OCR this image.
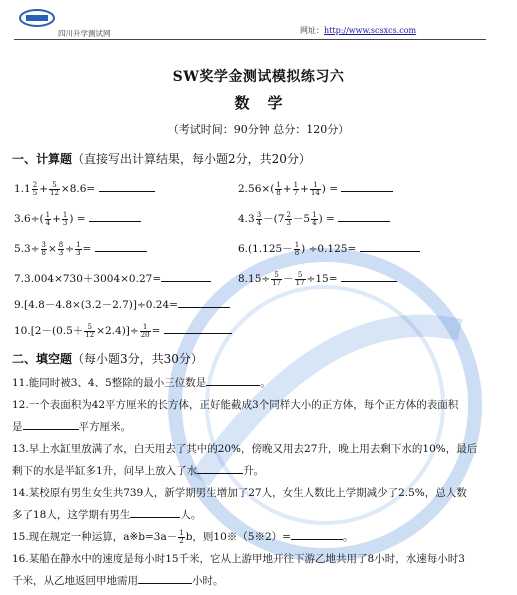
四川升学测试网	网址：http://www.scsxcs.com
SW奖学金测试模拟练习六
数学
（考试时间：90分钟 总分：120分）
一、计算题（直接写出计算结果，每小题2分，共20分）
$1.1 \frac{2}{5} + \frac{5}{12} \times 8.6=$	$2.56\times( \frac{1}{8} + \frac{1}{7} + \frac{1}{14}$ ) =
$3.6\div( \frac{1}{4} + \frac{1}{3}$ ) =	$4.3 \frac{3}{4} -(7 \frac{2}{3} -5 \frac{1}{4}$ ) =
$5.3\div \frac{3}{8} \times \frac{8}{3} \div \frac{1}{3}$ =	$6.(1.125- \frac{1}{8}$ ) ÷0.125=
7.3.004×730＋3004×0.27=	$8.15\div \frac{5}{17} - \frac{5}{17} \div 15=$
9.[4.8－4.8×(3.2－2.7)]÷0.24=
$10.[2-(0.5+ \frac{5}{12} \times 2.4)]\div \frac{1}{20}$ =
二、填空题（每小题3分，共30分）
11.能同时被3、4、5整除的最小三位数是	。
12.一个表面积为42平方厘米的长方体，正好能截成3个同样大小的正方体，每个正方体的表面积
是	平方厘米。
13.早上水缸里放满了水，白天用去了其中的20%，傍晚又用去27升，晚上用去剩下水的10%，最后
剩下的水是半缸多1升，问早上放入了水	升。
14.某校原有男生女生共739人，新学期男生增加了27人，女生人数比上学期减少了2.5%，总人数
多了18人，这学期有男生	人。
15.现在规定一种运算，a※b=3a－ $\frac{1}{2}$ b，则10※（5※2）=	。
16.某船在静水中的速度是每小时15千米，它从上游甲地开往下游乙地共用了8小时，水速每小时3
千米，从乙地返回甲地需用	小时。
